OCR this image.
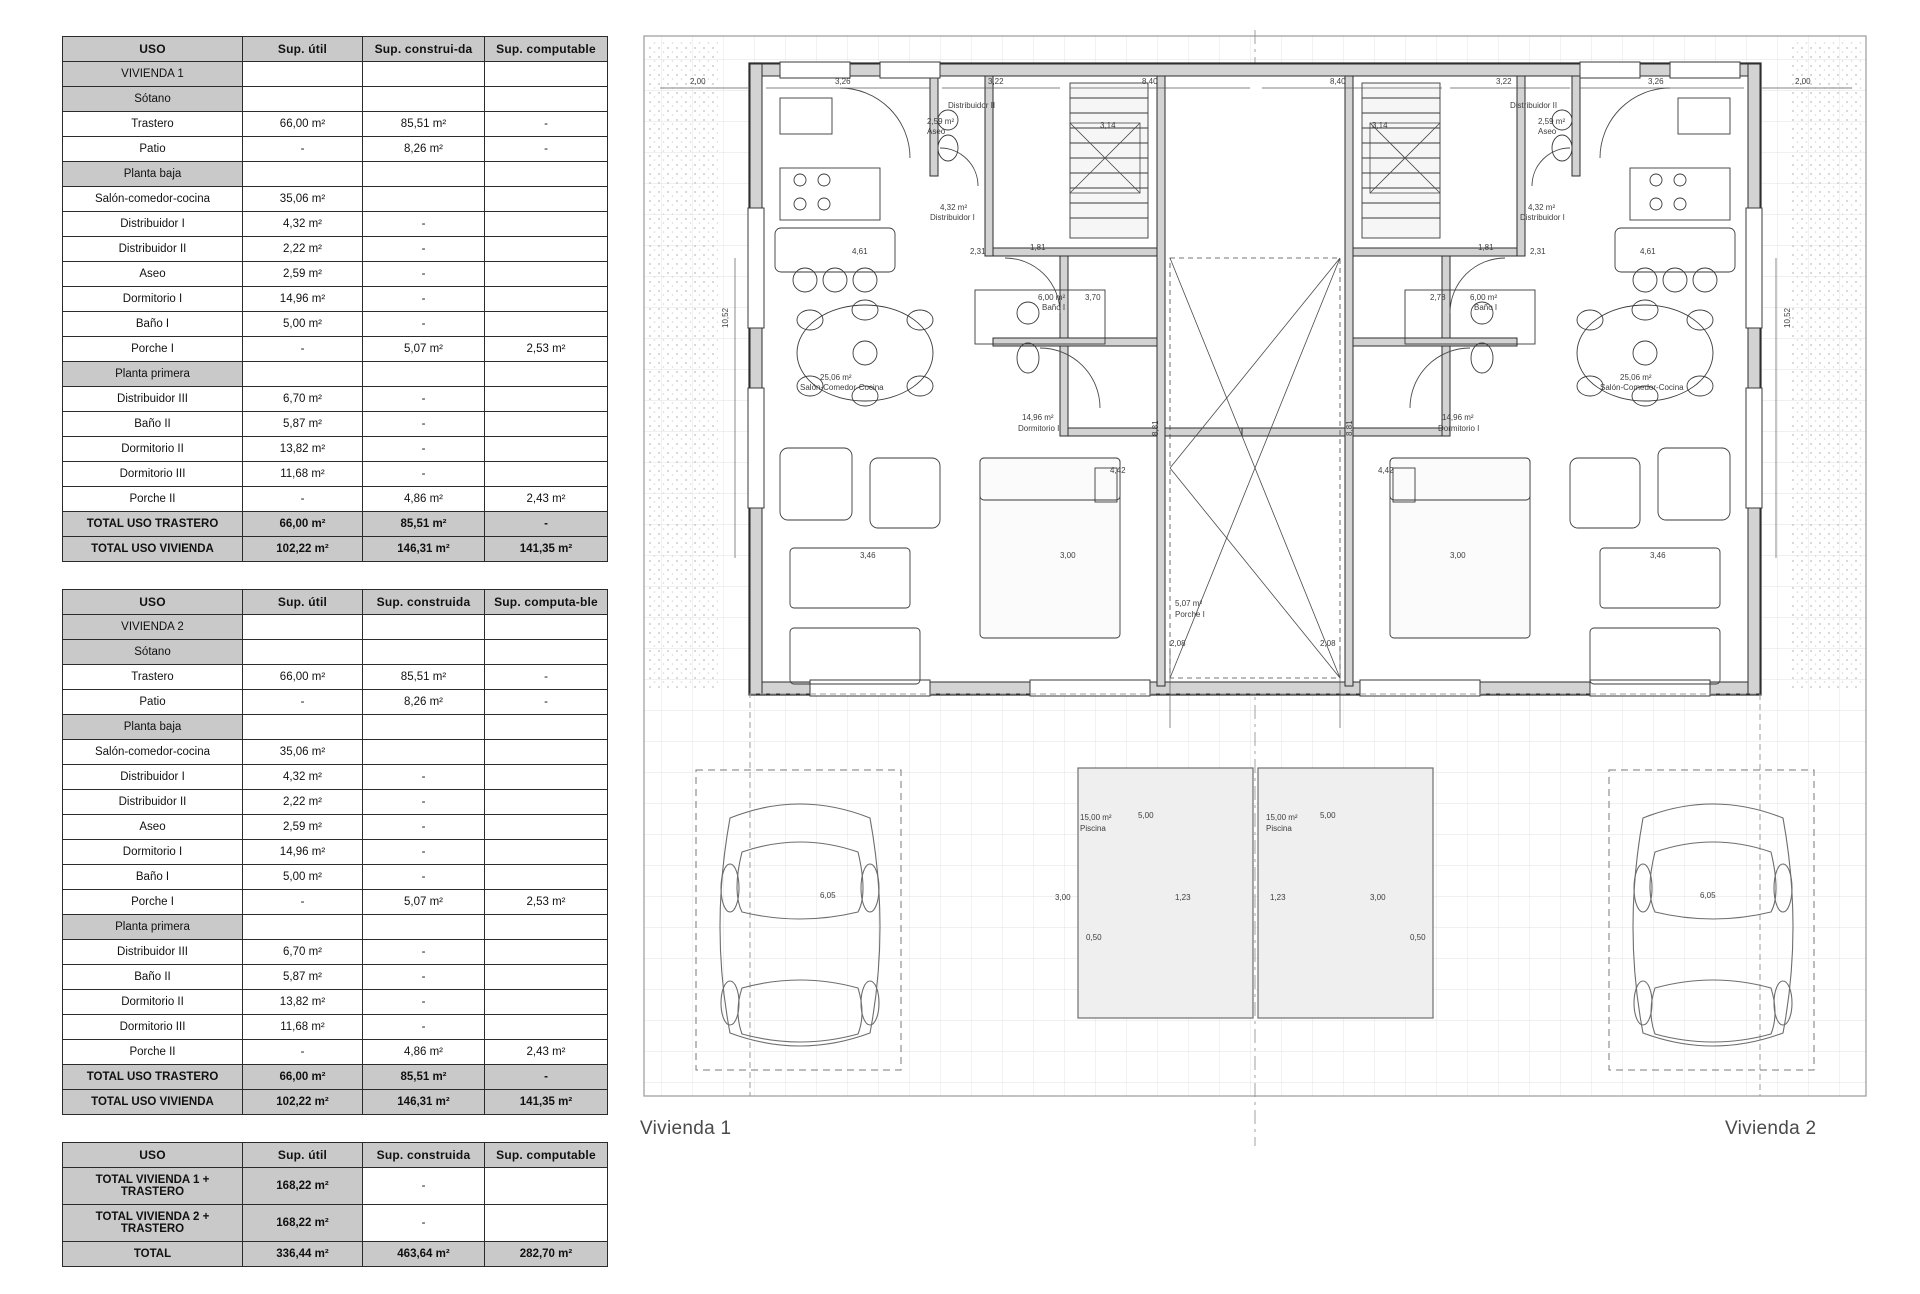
USO	Sup. útil	Sup. construi-da	Sup. computable
VIVIENDA 1			
Sótano			
Trastero	66,00 m²	85,51 m²	-
Patio	-	8,26 m²	-
Planta baja			
Salón-comedor-cocina	35,06 m²		
Distribuidor I	4,32 m²	-	
Distribuidor II	2,22 m²	-	
Aseo	2,59 m²	-	
Dormitorio I	14,96 m²	-	
Baño I	5,00 m²	-	
Porche I	-	5,07 m²	2,53 m²
Planta primera			
Distribuidor III	6,70 m²	-	
Baño II	5,87 m²	-	
Dormitorio II	13,82 m²	-	
Dormitorio III	11,68 m²	-	
Porche II	-	4,86 m²	2,43 m²
TOTAL USO TRASTERO	66,00 m²	85,51 m²	-
TOTAL USO VIVIENDA	102,22 m²	146,31 m²	141,35 m²
USO	Sup. útil	Sup. construida	Sup. computa-ble
VIVIENDA 2			
Sótano			
Trastero	66,00 m²	85,51 m²	-
Patio	-	8,26 m²	-
Planta baja			
Salón-comedor-cocina	35,06 m²		
Distribuidor I	4,32 m²	-	
Distribuidor II	2,22 m²	-	
Aseo	2,59 m²	-	
Dormitorio I	14,96 m²	-	
Baño I	5,00 m²	-	
Porche I	-	5,07 m²	2,53 m²
Planta primera			
Distribuidor III	6,70 m²	-	
Baño II	5,87 m²	-	
Dormitorio II	13,82 m²	-	
Dormitorio III	11,68 m²	-	
Porche II	-	4,86 m²	2,43 m²
TOTAL USO TRASTERO	66,00 m²	85,51 m²	-
TOTAL USO VIVIENDA	102,22 m²	146,31 m²	141,35 m²
USO	Sup. útil	Sup. construida	Sup. computable
TOTAL VIVIENDA 1 + TRASTERO	168,22 m²	-	
TOTAL VIVIENDA 2 + TRASTERO	168,22 m²	-	
TOTAL	336,44 m²	463,64 m²	282,70 m²
2,00	3,26	3,22	8,40	8,40	3,22	3,26	2,00
Distribuidor II	Distribuidor II
2,59 m²
Aseo
2,59 m²
Aseo
3,14	3,14
4,32 m²
Distribuidor I
4,32 m²
Distribuidor I
4,61	2,31	1,81	1,81	2,31	4,61
10,52	10,52
6,00 m²
Baño I
3,70	2,78	6,00 m²
Baño I
25,06 m²
Salón-Comedor-Cocina
25,06 m²
Salón-Comedor-Cocina
8,81	8,81
14,96 m²
Dormitorio I
14,96 m²
Dormitorio I
4,42	4,42
3,46	3,00	3,00	3,46
5,07 m²
Porche I
2,08	2,08
5,00	5,00
15,00 m²
Piscina
15,00 m²
Piscina
3,00	1,23	1,23	3,00
6,05	6,05
0,50	0,50
Vivienda 1	Vivienda 2
